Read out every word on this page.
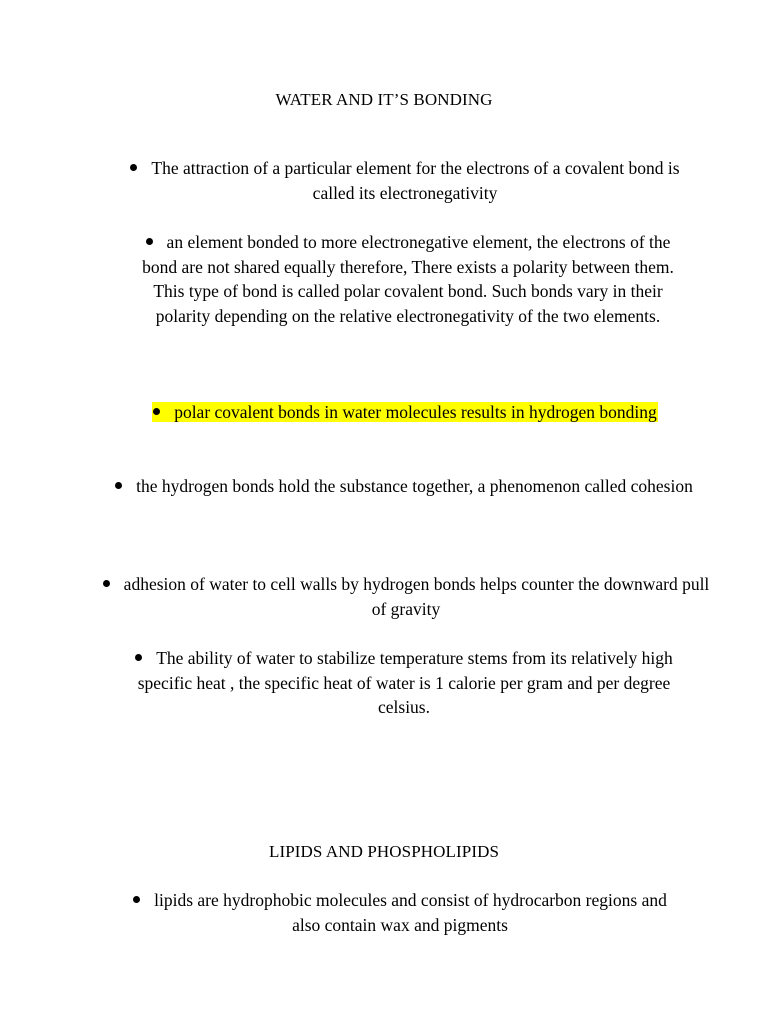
WATER AND IT’S BONDING
The attraction of a particular element for the electrons of a covalent bond is called its electronegativity
an element bonded to more electronegative element, the electrons of the bond are not shared equally therefore, There exists a polarity between them. This type of bond is called polar covalent bond. Such bonds vary in their polarity depending on the relative electronegativity of the two elements.
polar covalent bonds in water molecules results in hydrogen bonding
the hydrogen bonds hold the substance together, a phenomenon called cohesion
adhesion of water to cell walls by hydrogen bonds helps counter the downward pull of gravity
The ability of water to stabilize temperature stems from its relatively high specific heat , the specific heat of water is 1 calorie per gram and per degree celsius.
LIPIDS AND PHOSPHOLIPIDS
lipids are hydrophobic molecules and consist of hydrocarbon regions and also contain wax and pigments
